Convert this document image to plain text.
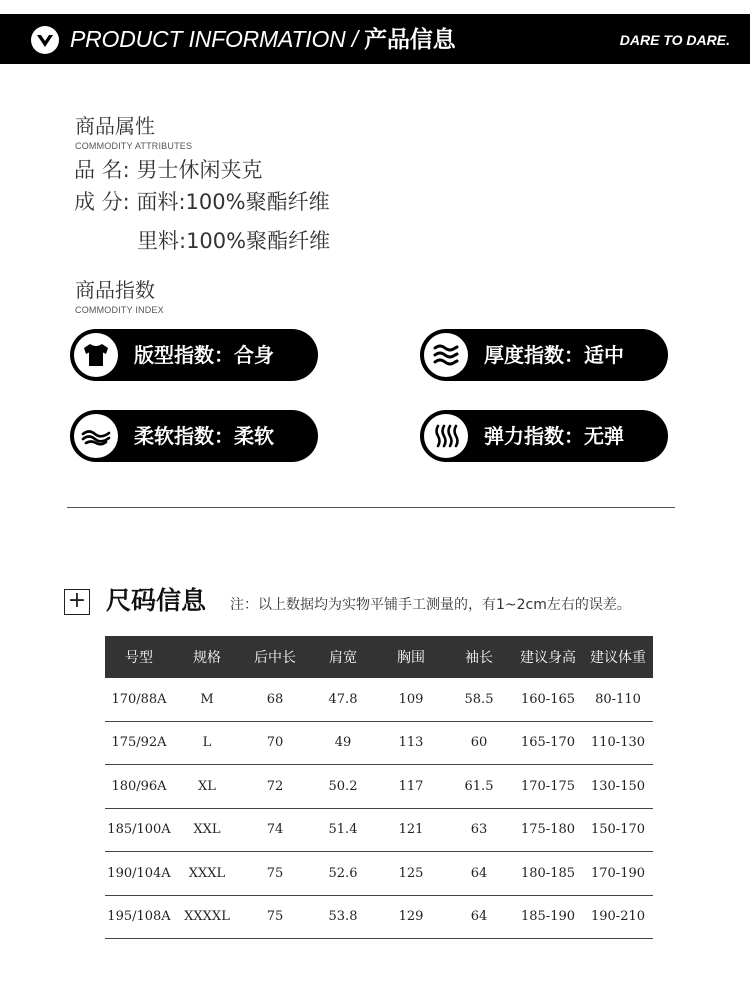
PRODUCT INFORMATION / 产品信息	DARE TO DARE.
商品属性
COMMODITY ATTRIBUTES
品 名: 男士休闲夹克
成 分: 面料:100%聚酯纤维
里料:100%聚酯纤维
商品指数
COMMODITY INDEX
版型指数：合身	厚度指数：适中
柔软指数：柔软	弹力指数：无弹
+ 尺码信息 注：以上数据均为实物平铺手工测量的，有1~2cm左右的误差。
号型	规格	后中长	肩宽	胸围	袖长	建议身高	建议体重
170/88A	M	68	47.8	109	58.5	160-165	80-110
175/92A	L	70	49	113	60	165-170	110-130
180/96A	XL	72	50.2	117	61.5	170-175	130-150
185/100A	XXL	74	51.4	121	63	175-180	150-170
190/104A	XXXL	75	52.6	125	64	180-185	170-190
195/108A	XXXXL	75	53.8	129	64	185-190	190-210
